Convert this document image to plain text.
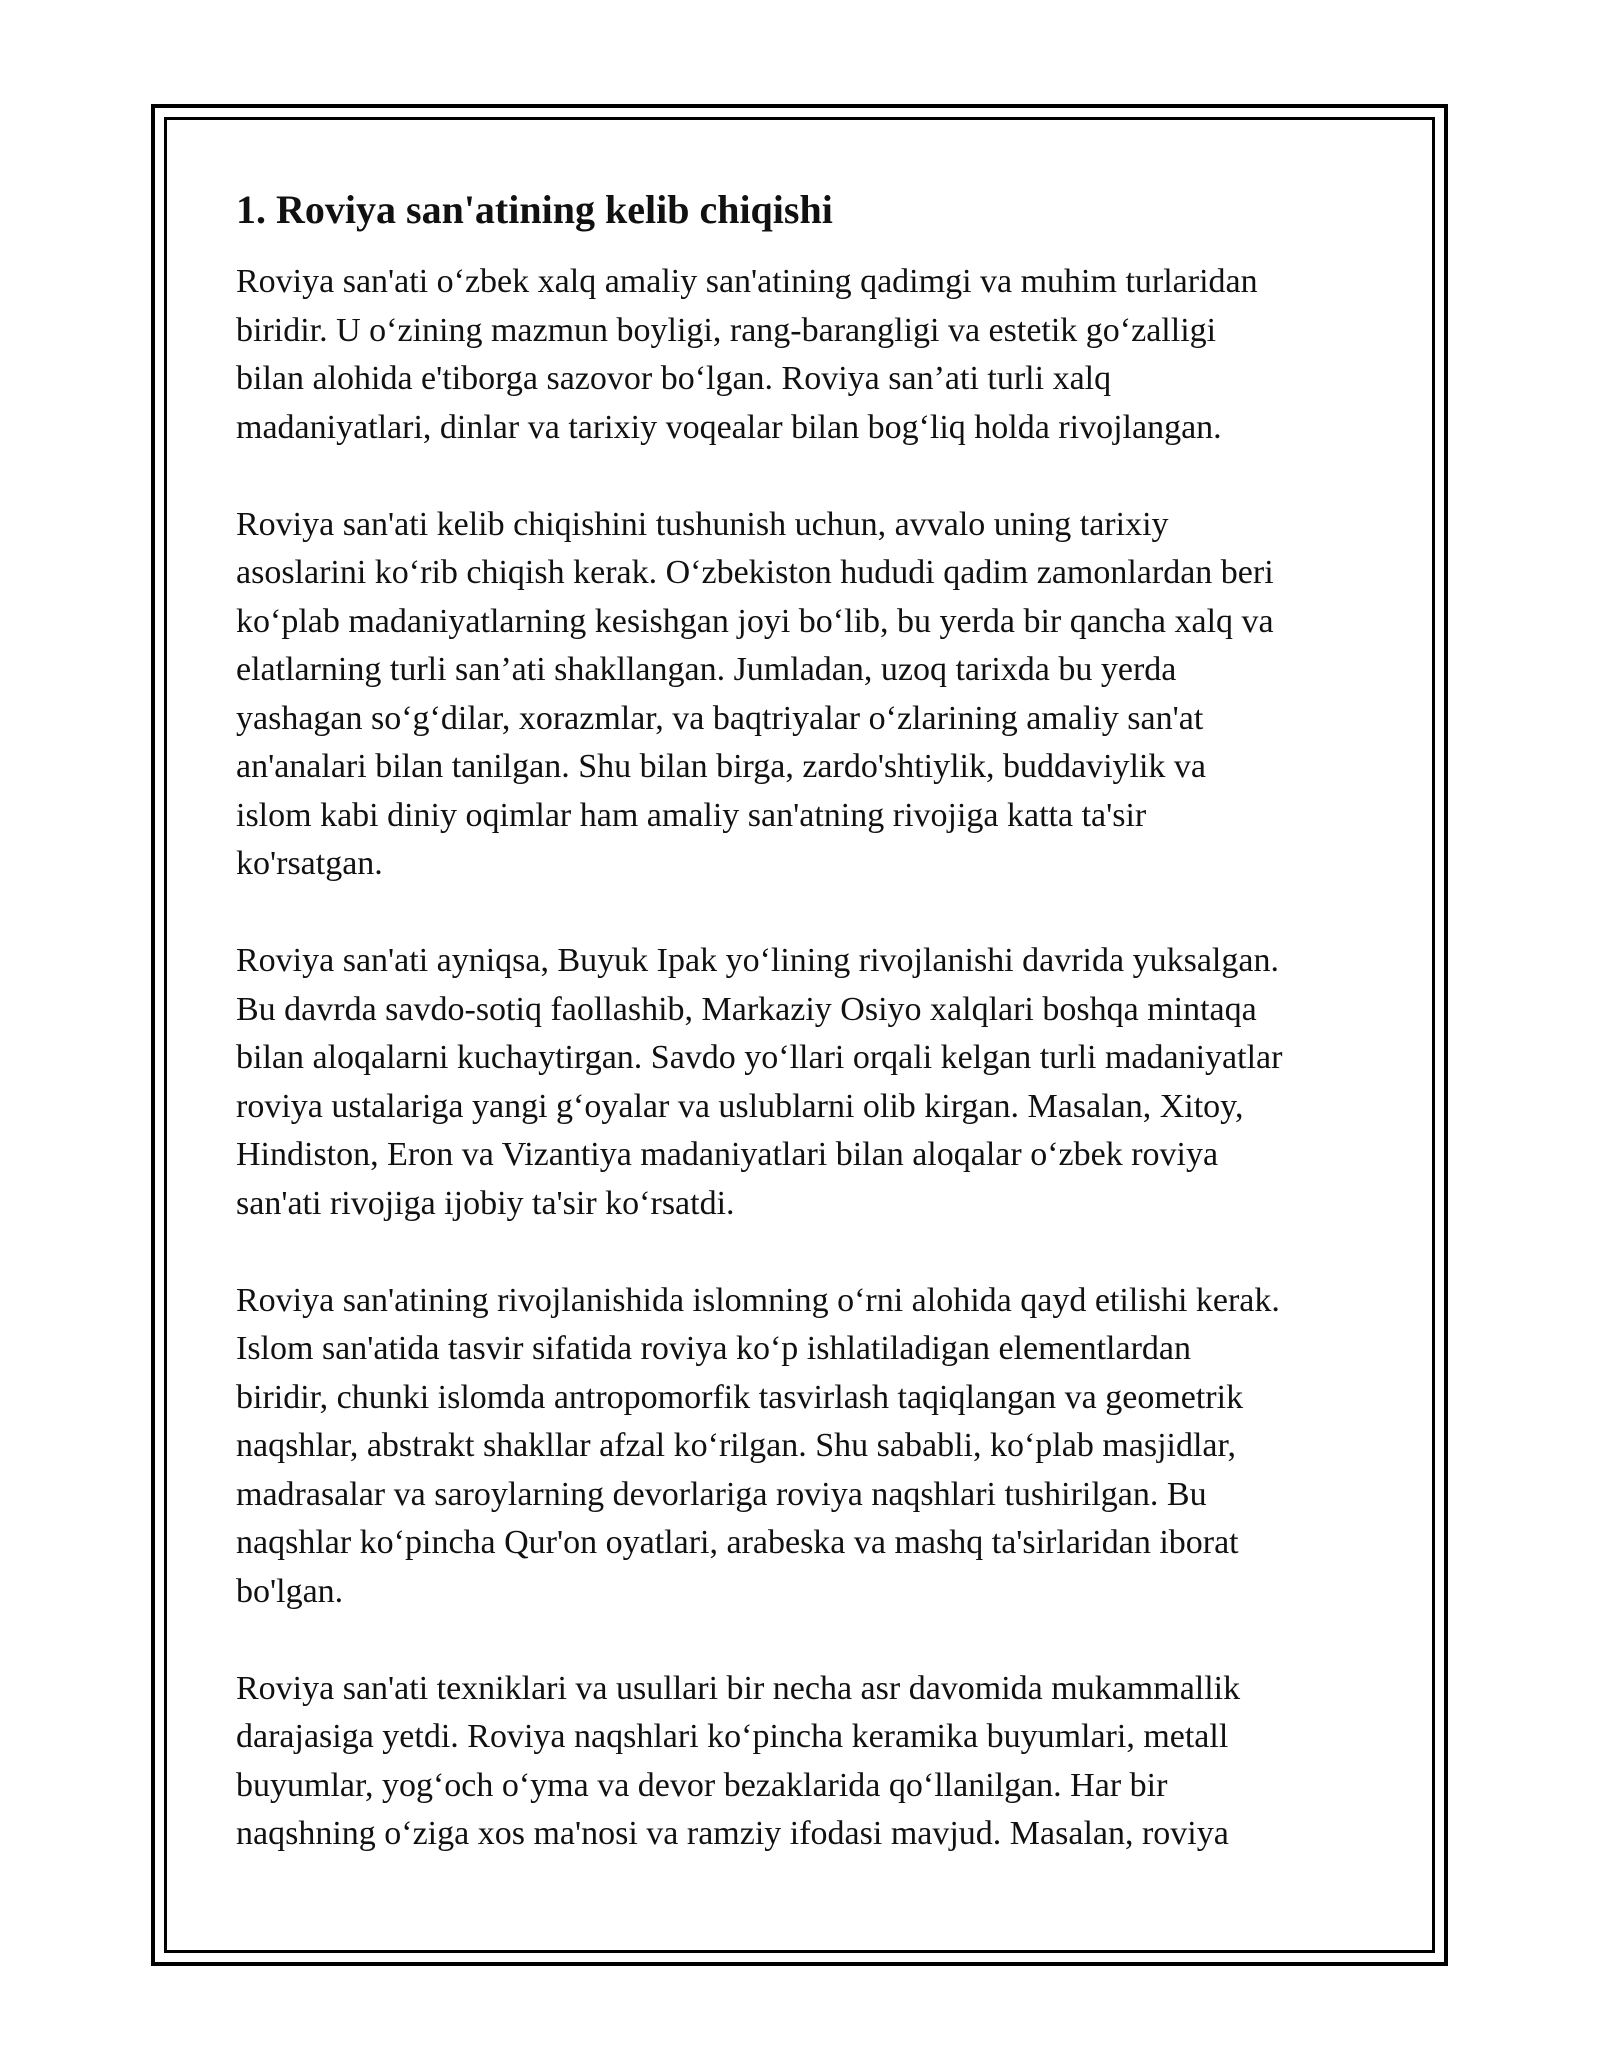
1. Roviya san'atining kelib chiqishi

Roviya san'ati o‘zbek xalq amaliy san'atining qadimgi va muhim turlaridan
biridir. U o‘zining mazmun boyligi, rang-barangligi va estetik go‘zalligi
bilan alohida e'tiborga sazovor bo‘lgan. Roviya san’ati turli xalq
madaniyatlari, dinlar va tarixiy voqealar bilan bog‘liq holda rivojlangan.

Roviya san'ati kelib chiqishini tushunish uchun, avvalo uning tarixiy
asoslarini ko‘rib chiqish kerak. O‘zbekiston hududi qadim zamonlardan beri
ko‘plab madaniyatlarning kesishgan joyi bo‘lib, bu yerda bir qancha xalq va
elatlarning turli san’ati shakllangan. Jumladan, uzoq tarixda bu yerda
yashagan so‘g‘dilar, xorazmlar, va baqtriyalar o‘zlarining amaliy san'at
an'analari bilan tanilgan. Shu bilan birga, zardo'shtiylik, buddaviylik va
islom kabi diniy oqimlar ham amaliy san'atning rivojiga katta ta'sir
ko'rsatgan.

Roviya san'ati ayniqsa, Buyuk Ipak yo‘lining rivojlanishi davrida yuksalgan.
Bu davrda savdo-sotiq faollashib, Markaziy Osiyo xalqlari boshqa mintaqa
bilan aloqalarni kuchaytirgan. Savdo yo‘llari orqali kelgan turli madaniyatlar
roviya ustalariga yangi g‘oyalar va uslublarni olib kirgan. Masalan, Xitoy,
Hindiston, Eron va Vizantiya madaniyatlari bilan aloqalar o‘zbek roviya
san'ati rivojiga ijobiy ta'sir ko‘rsatdi.

Roviya san'atining rivojlanishida islomning o‘rni alohida qayd etilishi kerak.
Islom san'atida tasvir sifatida roviya ko‘p ishlatiladigan elementlardan
biridir, chunki islomda antropomorfik tasvirlash taqiqlangan va geometrik
naqshlar, abstrakt shakllar afzal ko‘rilgan. Shu sababli, ko‘plab masjidlar,
madrasalar va saroylarning devorlariga roviya naqshlari tushirilgan. Bu
naqshlar ko‘pincha Qur'on oyatlari, arabeska va mashq ta'sirlaridan iborat
bo'lgan.

Roviya san'ati texniklari va usullari bir necha asr davomida mukammallik
darajasiga yetdi. Roviya naqshlari ko‘pincha keramika buyumlari, metall
buyumlar, yog‘och o‘yma va devor bezaklarida qo‘llanilgan. Har bir
naqshning o‘ziga xos ma'nosi va ramziy ifodasi mavjud. Masalan, roviya
